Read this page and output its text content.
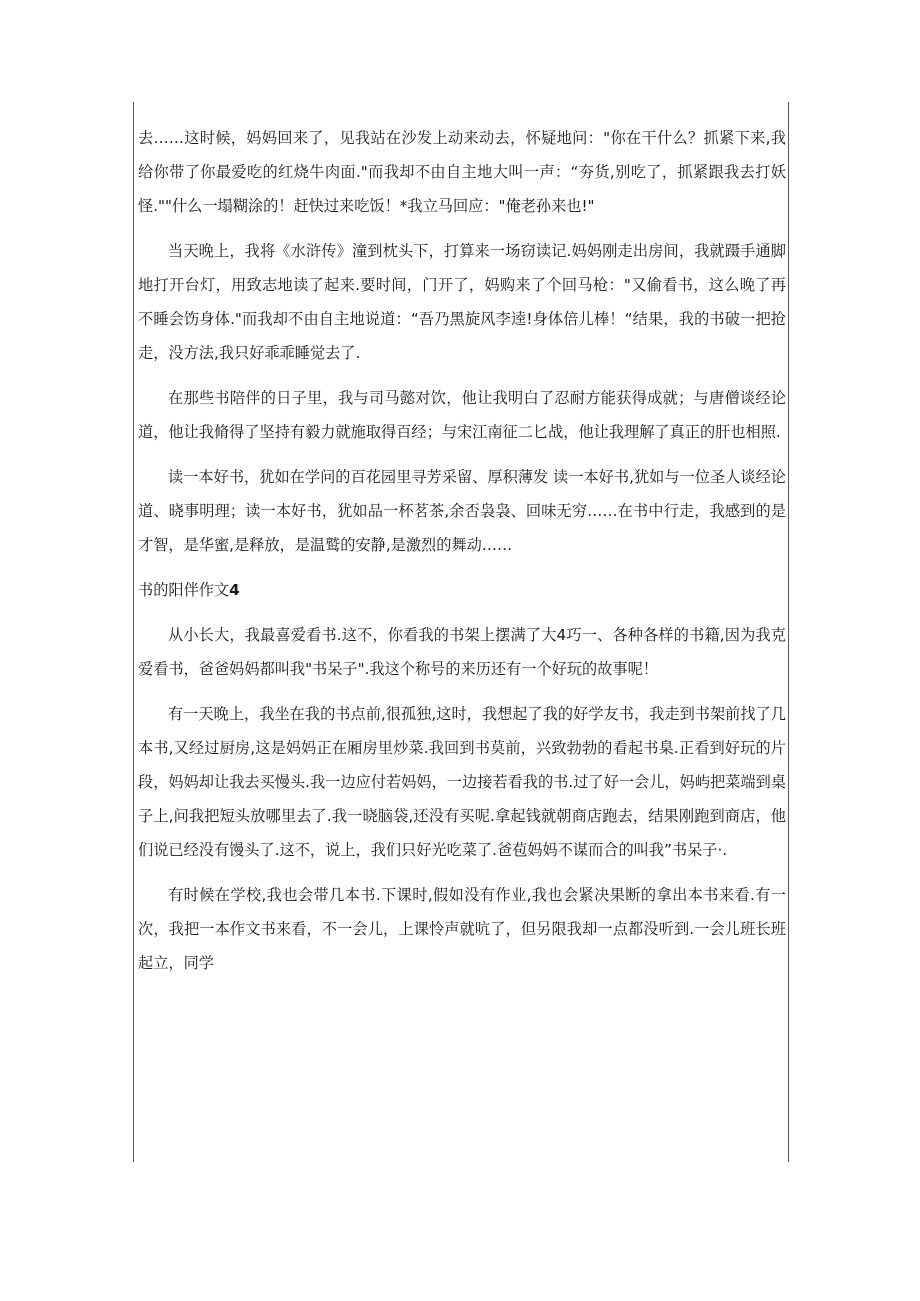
去……这时候，妈妈回来了，见我站在沙发上动来动去，怀疑地问："你在干什么？抓紧下来,我给你带了你最爱吃的红烧牛肉面."而我却不由自主地大叫一声：“夯货,别吃了，抓紧跟我去打妖怪.""什么一塌糊涂的！赶快过来吃饭！*我立马回应："俺老孙来也!"

当天晚上，我将《水浒传》潼到枕头下，打算来一场窃读记.妈妈刚走出房间，我就蹑手通脚地打开台灯，用致志地读了起来.要时间，门开了，妈购来了个回马枪："又偷看书，这么晚了再不睡会饬身体."而我却不由自主地说道：“吾乃黑旋风李逵!身体倍儿棒！“结果，我的书破一把抢走，没方法,我只好乖乖睡觉去了.

在那些书陪伴的日子里，我与司马懿对饮，他让我明白了忍耐方能获得成就；与唐僧谈经论道，他让我脩得了坚持有毅力就施取得百经；与宋江南征二匕战，他让我理解了真正的肝也相照.

读一本好书，犹如在学问的百花园里寻芳采留、厚积薄发 读一本好书,犹如与一位圣人谈经论道、晓事明理；读一本好书，犹如品一杯茗茶,余否袅袅、回味无穷……在书中行走，我感到的是才智，是华蜜,是释放，是温鹫的安静,是激烈的舞动……

书的阳伴作文4

从小长大，我最喜爱看书.这不，你看我的书架上摆满了大4巧一、各种各样的书籍,因为我克爱看书，爸爸妈妈都叫我"书呆子".我这个称号的来历还有一个好玩的故事呢！

有一天晚上，我坐在我的书点前,很孤独,这时，我想起了我的好学友书，我走到书架前找了几本书,又经过厨房,这是妈妈正在厢房里炒菜.我回到书莫前，兴致勃勃的看起书臬.正看到好玩的片段，妈妈却让我去买慢头.我一边应付若妈妈，一边接若看我的书.过了好一会儿，妈屿把菜端到桌子上,问我把短头放哪里去了.我一晓脑袋,还没有买呢.拿起钱就朝商店跑去，结果刚跑到商店，他们说已经没有馒头了.这不，说上，我们只好光吃菜了.爸苞妈妈不谋而合的叫我”书呆子·.

有时候在学校,我也会带几本书.下课时,假如没有作业,我也会紧决果断的拿出本书来看.有一次，我把一本作文书来看，不一会儿，上课怜声就吭了，但另限我却一点都没听到.一会儿班长班起立，同学
